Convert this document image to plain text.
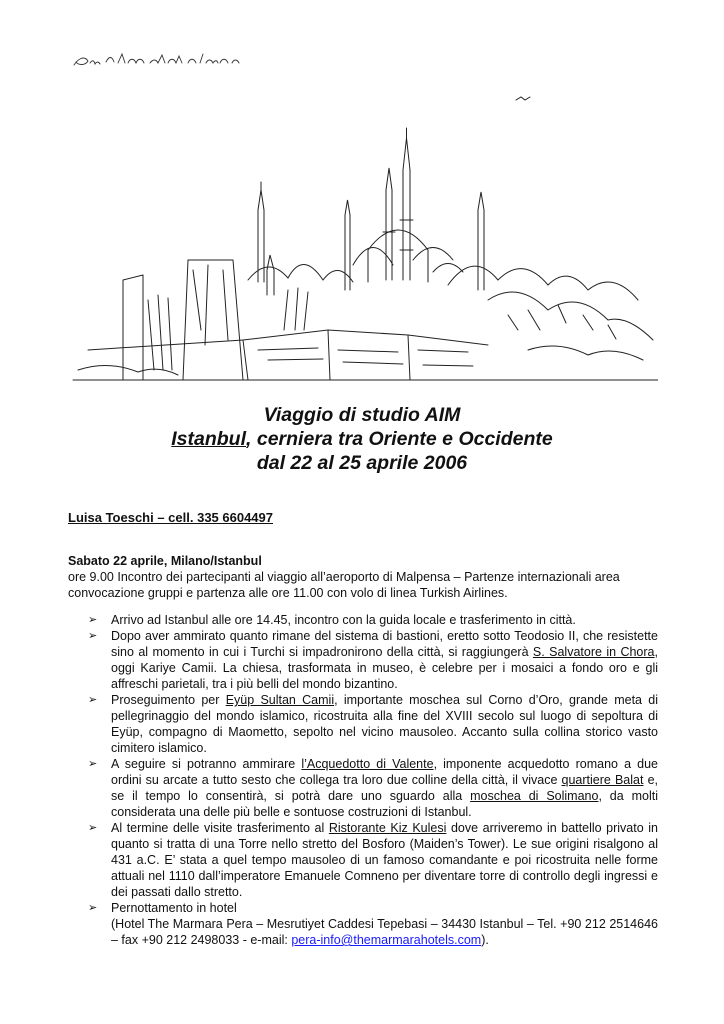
Viaggio di studio AIM
Istanbul, cerniera tra Oriente e Occidente
dal 22 al 25 aprile 2006
Luisa Toeschi – cell. 335 6604497
Sabato 22 aprile, Milano/Istanbul
ore 9.00 Incontro dei partecipanti al viaggio all’aeroporto di Malpensa – Partenze internazionali area convocazione gruppi e partenza alle ore 11.00 con volo di linea Turkish Airlines.
➢ Arrivo ad Istanbul alle ore 14.45, incontro con la guida locale e trasferimento in città.
➢ Dopo aver ammirato quanto rimane del sistema di bastioni, eretto sotto Teodosio II, che resistette sino al momento in cui i Turchi si impadronirono della città, si raggiungerà S. Salvatore in Chora, oggi Kariye Camii. La chiesa, trasformata in museo, è celebre per i mosaici a fondo oro e gli affreschi parietali, tra i più belli del mondo bizantino.
➢ Proseguimento per Eyüp Sultan Camii, importante moschea sul Corno d’Oro, grande meta di pellegrinaggio del mondo islamico, ricostruita alla fine del XVIII secolo sul luogo di sepoltura di Eyüp, compagno di Maometto, sepolto nel vicino mausoleo. Accanto sulla collina storico vasto cimitero islamico.
➢ A seguire si potranno ammirare l’Acquedotto di Valente, imponente acquedotto romano a due ordini su arcate a tutto sesto che collega tra loro due colline della città, il vivace quartiere Balat e, se il tempo lo consentirà, si potrà dare uno sguardo alla moschea di Solimano, da molti considerata una delle più belle e sontuose costruzioni di Istanbul.
➢ Al termine delle visite trasferimento al Ristorante Kiz Kulesi dove arriveremo in battello privato in quanto si tratta di una Torre nello stretto del Bosforo (Maiden’s Tower). Le sue origini risalgono al 431 a.C. E’ stata a quel tempo mausoleo di un famoso comandante e poi ricostruita nelle forme attuali nel 1110 dall’imperatore Emanuele Comneno per diventare torre di controllo degli ingressi e dei passati dallo stretto.
➢ Pernottamento in hotel
(Hotel The Marmara Pera – Mesrutiyet Caddesi Tepebasi – 34430 Istanbul – Tel. +90 212 2514646 – fax +90 212 2498033 - e-mail: pera-info@themarmarahotels.com).
